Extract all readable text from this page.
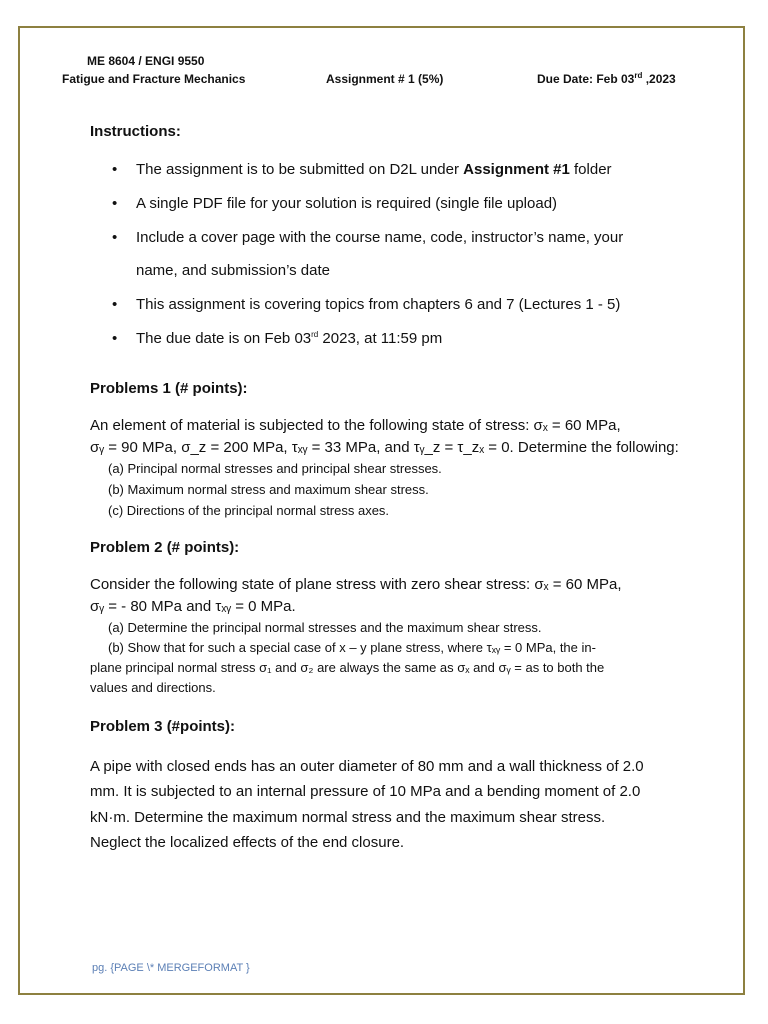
ME 8604 / ENGI 9550
Fatigue and Fracture Mechanics	Assignment # 1 (5%)	Due Date: Feb 03rd ,2023
Instructions:
• The assignment is to be submitted on D2L under Assignment #1 folder
• A single PDF file for your solution is required (single file upload)
• Include a cover page with the course name, code, instructor’s name, your
name, and submission’s date
• This assignment is covering topics from chapters 6 and 7 (Lectures 1 - 5)
• The due date is on Feb 03rd 2023, at 11:59 pm
Problems 1 (# points):
An element of material is subjected to the following state of stress: σₓ = 60 MPa,
σᵧ = 90 MPa, σ_z = 200 MPa, τₓᵧ = 33 MPa, and τᵧ_z = τ_zₓ = 0. Determine the following:
(a) Principal normal stresses and principal shear stresses.
(b) Maximum normal stress and maximum shear stress.
(c) Directions of the principal normal stress axes.
Problem 2 (# points):
Consider the following state of plane stress with zero shear stress: σₓ = 60 MPa,
σᵧ = - 80 MPa and τₓᵧ = 0 MPa.
(a) Determine the principal normal stresses and the maximum shear stress.
(b) Show that for such a special case of x – y plane stress, where τₓᵧ = 0 MPa, the in-
plane principal normal stress σ₁ and σ₂ are always the same as σₓ and σᵧ = as to both the
values and directions.
Problem 3 (#points):
A pipe with closed ends has an outer diameter of 80 mm and a wall thickness of 2.0
mm. It is subjected to an internal pressure of 10 MPa and a bending moment of 2.0
kN·m. Determine the maximum normal stress and the maximum shear stress.
Neglect the localized effects of the end closure.
pg. {PAGE \* MERGEFORMAT }
